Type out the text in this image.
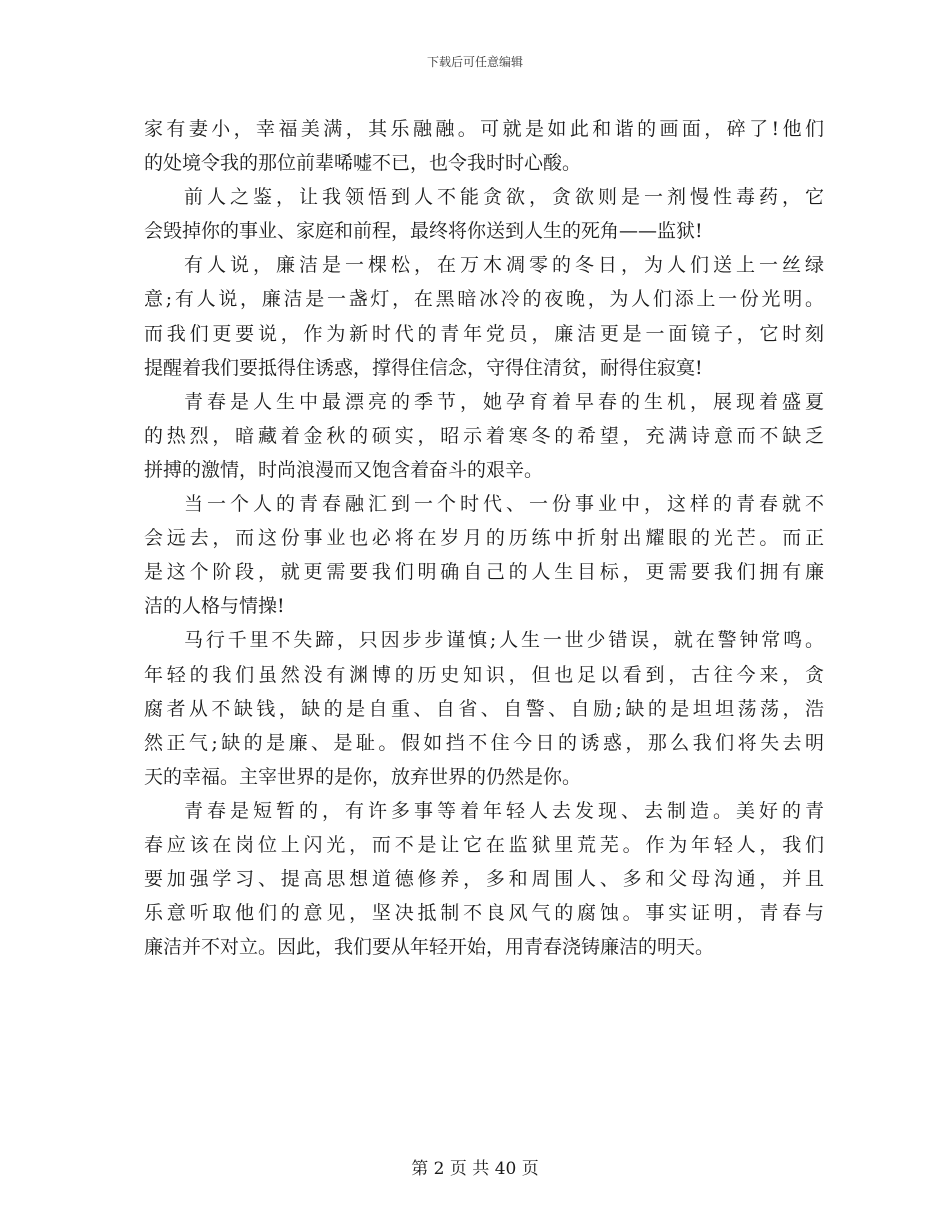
下载后可任意编辑
家有妻小，幸福美满，其乐融融。可就是如此和谐的画面，碎了!他们
的处境令我的那位前辈唏嘘不已，也令我时时心酸。
前人之鉴，让我领悟到人不能贪欲，贪欲则是一剂慢性毒药，它
会毁掉你的事业、家庭和前程，最终将你送到人生的死角——监狱!
有人说，廉洁是一棵松，在万木凋零的冬日，为人们送上一丝绿
意;有人说，廉洁是一盏灯，在黑暗冰冷的夜晚，为人们添上一份光明。
而我们更要说，作为新时代的青年党员，廉洁更是一面镜子，它时刻
提醒着我们要抵得住诱惑，撑得住信念，守得住清贫，耐得住寂寞!
青春是人生中最漂亮的季节，她孕育着早春的生机，展现着盛夏
的热烈，暗藏着金秋的硕实，昭示着寒冬的希望，充满诗意而不缺乏
拼搏的激情，时尚浪漫而又饱含着奋斗的艰辛。
当一个人的青春融汇到一个时代、一份事业中，这样的青春就不
会远去，而这份事业也必将在岁月的历练中折射出耀眼的光芒。而正
是这个阶段，就更需要我们明确自己的人生目标，更需要我们拥有廉
洁的人格与情操!
马行千里不失蹄，只因步步谨慎;人生一世少错误，就在警钟常鸣。
年轻的我们虽然没有渊博的历史知识，但也足以看到，古往今来，贪
腐者从不缺钱，缺的是自重、自省、自警、自励;缺的是坦坦荡荡，浩
然正气;缺的是廉、是耻。假如挡不住今日的诱惑，那么我们将失去明
天的幸福。主宰世界的是你，放弃世界的仍然是你。
青春是短暂的，有许多事等着年轻人去发现、去制造。美好的青
春应该在岗位上闪光，而不是让它在监狱里荒芜。作为年轻人，我们
要加强学习、提高思想道德修养，多和周围人、多和父母沟通，并且
乐意听取他们的意见，坚决抵制不良风气的腐蚀。事实证明，青春与
廉洁并不对立。因此，我们要从年轻开始，用青春浇铸廉洁的明天。
第 2 页 共 40 页
